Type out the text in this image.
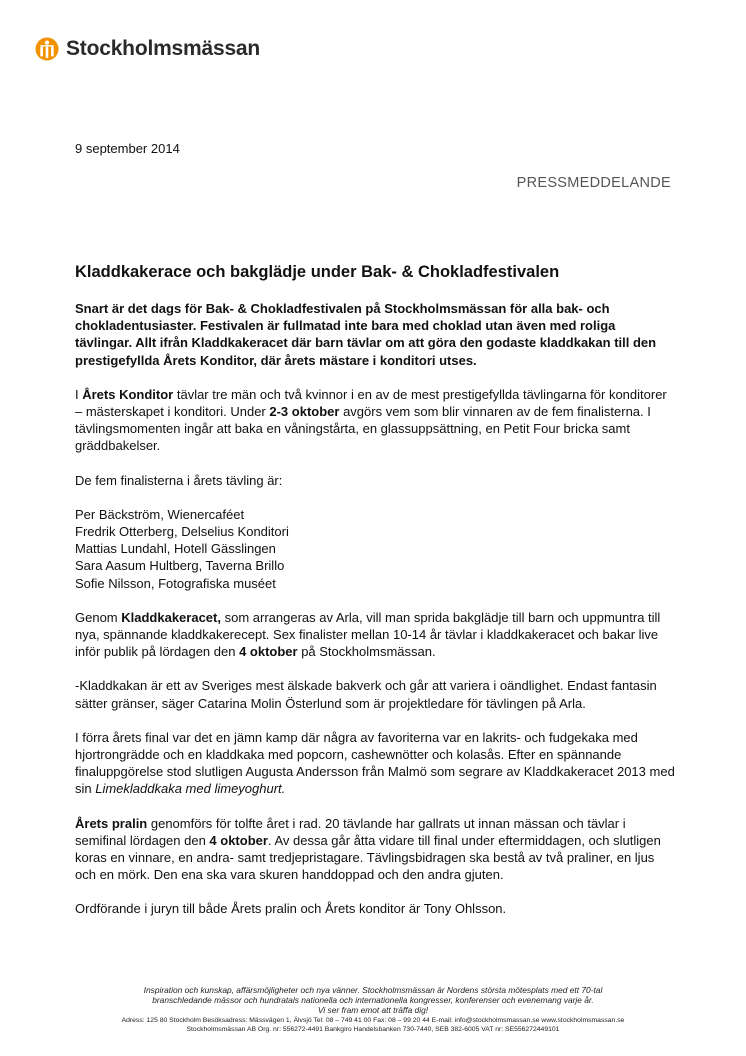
Stockholmsmässan
9 september 2014
PRESSMEDDELANDE
Kladdkakerace och bakglädje under Bak- & Chokladfestivalen

Snart är det dags för Bak- & Chokladfestivalen på Stockholmsmässan för alla bak- och chokladentusiaster. Festivalen är fullmatad inte bara med choklad utan även med roliga tävlingar. Allt ifrån Kladdkakeracet där barn tävlar om att göra den godaste kladdkakan till den prestigefyllda Årets Konditor, där årets mästare i konditori utses.

I Årets Konditor tävlar tre män och två kvinnor i en av de mest prestigefyllda tävlingarna för konditorer – mästerskapet i konditori. Under 2-3 oktober avgörs vem som blir vinnaren av de fem finalisterna. I tävlingsmomenten ingår att baka en våningstårta, en glassuppsättning, en Petit Four bricka samt gräddbakelser.

De fem finalisterna i årets tävling är:

Per Bäckström, Wienercaféet
Fredrik Otterberg, Delselius Konditori
Mattias Lundahl, Hotell Gässlingen
Sara Aasum Hultberg, Taverna Brillo
Sofie Nilsson, Fotografiska muséet

Genom Kladdkakeracet, som arrangeras av Arla, vill man sprida bakglädje till barn och uppmuntra till nya, spännande kladdkakerecept. Sex finalister mellan 10-14 år tävlar i kladdkakeracet och bakar live inför publik på lördagen den 4 oktober på Stockholmsmässan.

-Kladdkakan är ett av Sveriges mest älskade bakverk och går att variera i oändlighet. Endast fantasin sätter gränser, säger Catarina Molin Österlund som är projektledare för tävlingen på Arla.

I förra årets final var det en jämn kamp där några av favoriterna var en lakrits- och fudgekaka med hjortrongrädde och en kladdkaka med popcorn, cashewnötter och kolasås. Efter en spännande finaluppgörelse stod slutligen Augusta Andersson från Malmö som segrare av Kladdkakeracet 2013 med sin Limekladdkaka med limeyoghurt.

Årets pralin genomförs för tolfte året i rad. 20 tävlande har gallrats ut innan mässan och tävlar i semifinal lördagen den 4 oktober. Av dessa går åtta vidare till final under eftermiddagen, och slutligen koras en vinnare, en andra- samt tredjepristagare. Tävlingsbidragen ska bestå av två praliner, en ljus och en mörk. Den ena ska vara skuren handdoppad och den andra gjuten.

Ordförande i juryn till både Årets pralin och Årets konditor är Tony Ohlsson.

Inspiration och kunskap, affärsmöjligheter och nya vänner. Stockholmsmässan är Nordens största mötesplats med ett 70-tal
branschledande mässor och hundratals nationella och internationella kongresser, konferenser och evenemang varje år.
Vi ser fram emot att träffa dig!
Adress: 125 80 Stockholm Besöksadress: Mässvägen 1, Älvsjö Tel: 08 – 749 41 00 Fax: 08 – 99 20 44 E-mail: info@stockholmsmassan.se www.stockholmsmassan.se
Stockholmsmässan AB Org. nr: 556272-4491 Bankgiro Handelsbanken 730-7440, SEB 382-6005 VAT nr: SE556272449101
